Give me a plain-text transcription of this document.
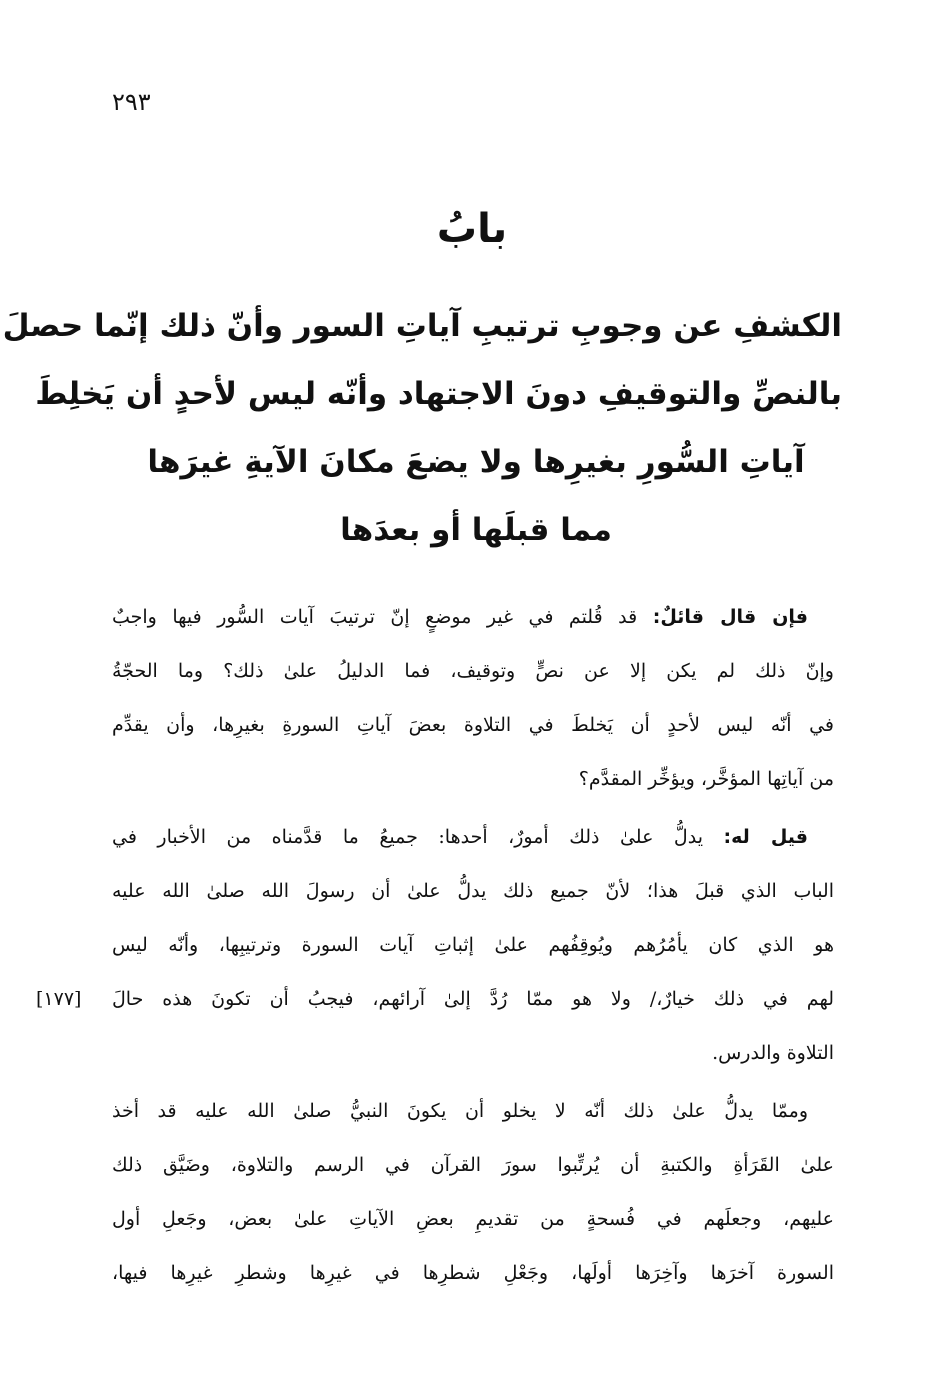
٢٩٣
بابُ
الكشفِ عن وجوبِ ترتيبِ آياتِ السور وأنّ ذلك إنّما حصلَ
بالنصِّ والتوقيفِ دونَ الاجتهاد وأنّه ليس لأحدٍ أن يَخلِطَ
آياتِ السُّورِ بغيرِها ولا يضعَ مكانَ الآيةِ غيرَها
مما قبلَها أو بعدَها
فإن قال قائلٌ: قد قُلتم في غير موضعٍ إنّ ترتيبَ آيات السُّور فيها واجبٌ
وإنّ ذلك لم يكن إلا عن نصٍّ وتوقيف، فما الدليلُ علىٰ ذلك؟ وما الحجّةُ
في أنّه ليس لأحدٍ أن يَخلطَ في التلاوة بعضَ آياتِ السورةِ بغيرِها، وأن يقدِّم
من آياتِها المؤخَّر، ويؤخِّر المقدَّم؟
قيل له: يدلُّ علىٰ ذلك أمورٌ، أحدها: جميعُ ما قدَّمناه من الأخبار في
الباب الذي قبلَ هذا؛ لأنّ جميع ذلك يدلُّ علىٰ أن رسولَ الله صلىٰ الله عليه
هو الذي كان يأمُرُهم ويُوقِفُهم علىٰ إثباتِ آيات السورة وترتيبِها، وأنّه ليس
لهم في ذلك خيارٌ،/ ولا هو ممّا رُدَّ إلىٰ آرائهم، فيجبُ أن تكونَ هذه حالَ
[١٧٧]
التلاوة والدرس.
وممّا يدلُّ علىٰ ذلك أنّه لا يخلو أن يكونَ النبيُّ صلىٰ الله عليه قد أخذ
علىٰ القَرَأةِ والكتبةِ أن يُرتِّبوا سورَ القرآن في الرسم والتلاوة، وضَيَّق ذلك
عليهم، وجعلَهم في فُسحةٍ من تقديمِ بعضِ الآياتِ علىٰ بعض، وجَعلِ أول
السورة آخرَها وآخِرَها أولَها، وجَعْلِ شطرِها في غيرِها وشطرِ غيرِها فيها،
